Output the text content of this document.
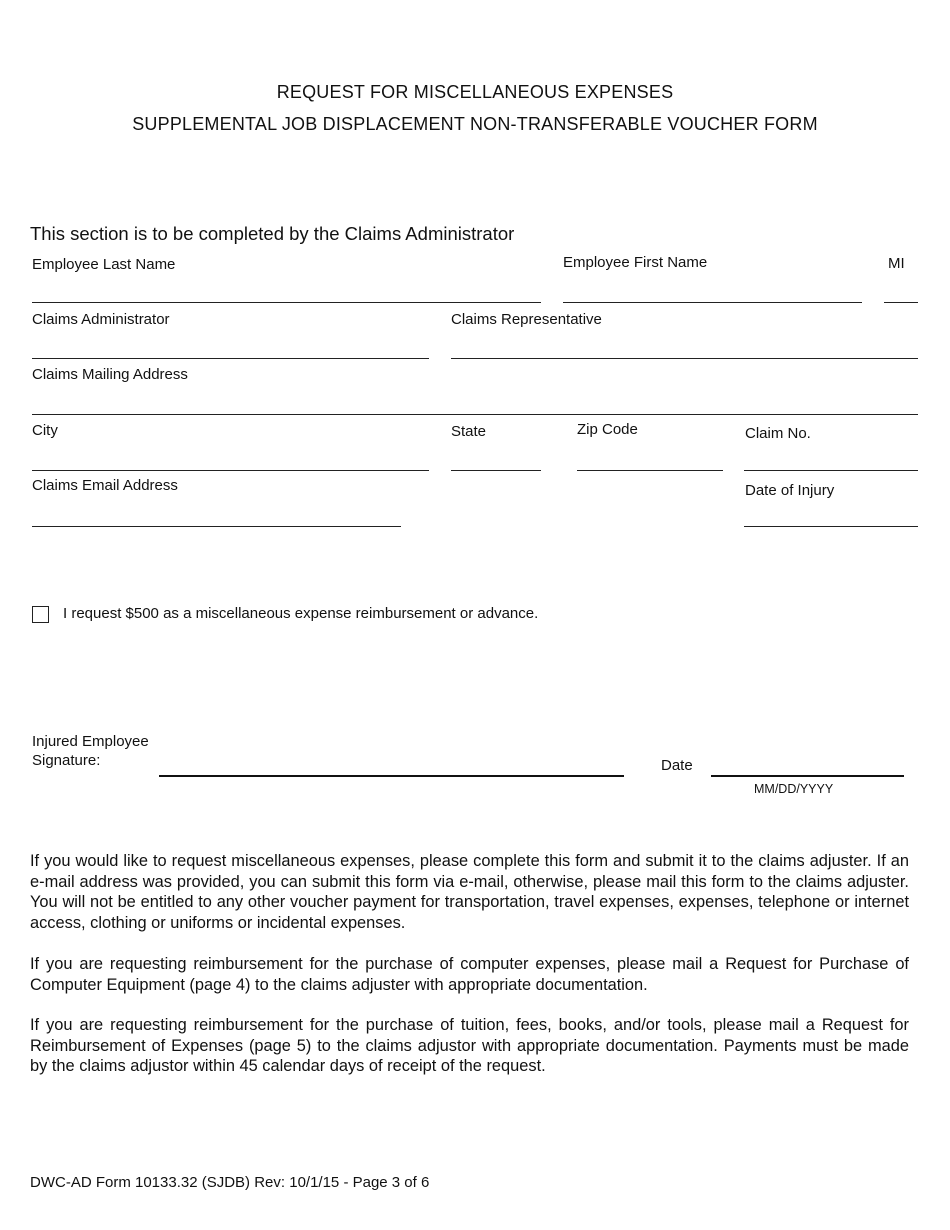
REQUEST FOR MISCELLANEOUS EXPENSES
SUPPLEMENTAL JOB DISPLACEMENT NON-TRANSFERABLE VOUCHER FORM
This section is to be completed by the Claims Administrator
Employee Last Name	Employee First Name	MI
Claims Administrator	Claims Representative
Claims Mailing Address
City	State	Zip Code	Claim No.
Claims Email Address	Date of Injury
I request $500 as a miscellaneous expense reimbursement or advance.
Injured Employee
Signature:	Date
MM/DD/YYYY
If you would like to request miscellaneous expenses, please complete this form and submit it to the claims adjuster. If an e-mail address was provided, you can submit this form via e-mail, otherwise, please mail this form to the claims adjuster. You will not be entitled to any other voucher payment for transportation, travel expenses, expenses, telephone or internet access, clothing or uniforms or incidental expenses.
If you are requesting reimbursement for the purchase of computer expenses, please mail a Request for Purchase of Computer Equipment (page 4) to the claims adjuster with appropriate documentation.
If you are requesting reimbursement for the purchase of tuition, fees, books, and/or tools, please mail a Request for Reimbursement of Expenses (page 5) to the claims adjustor with appropriate documentation. Payments must be made by the claims adjustor within 45 calendar days of receipt of the request.
DWC-AD Form 10133.32 (SJDB) Rev: 10/1/15 - Page 3 of 6
